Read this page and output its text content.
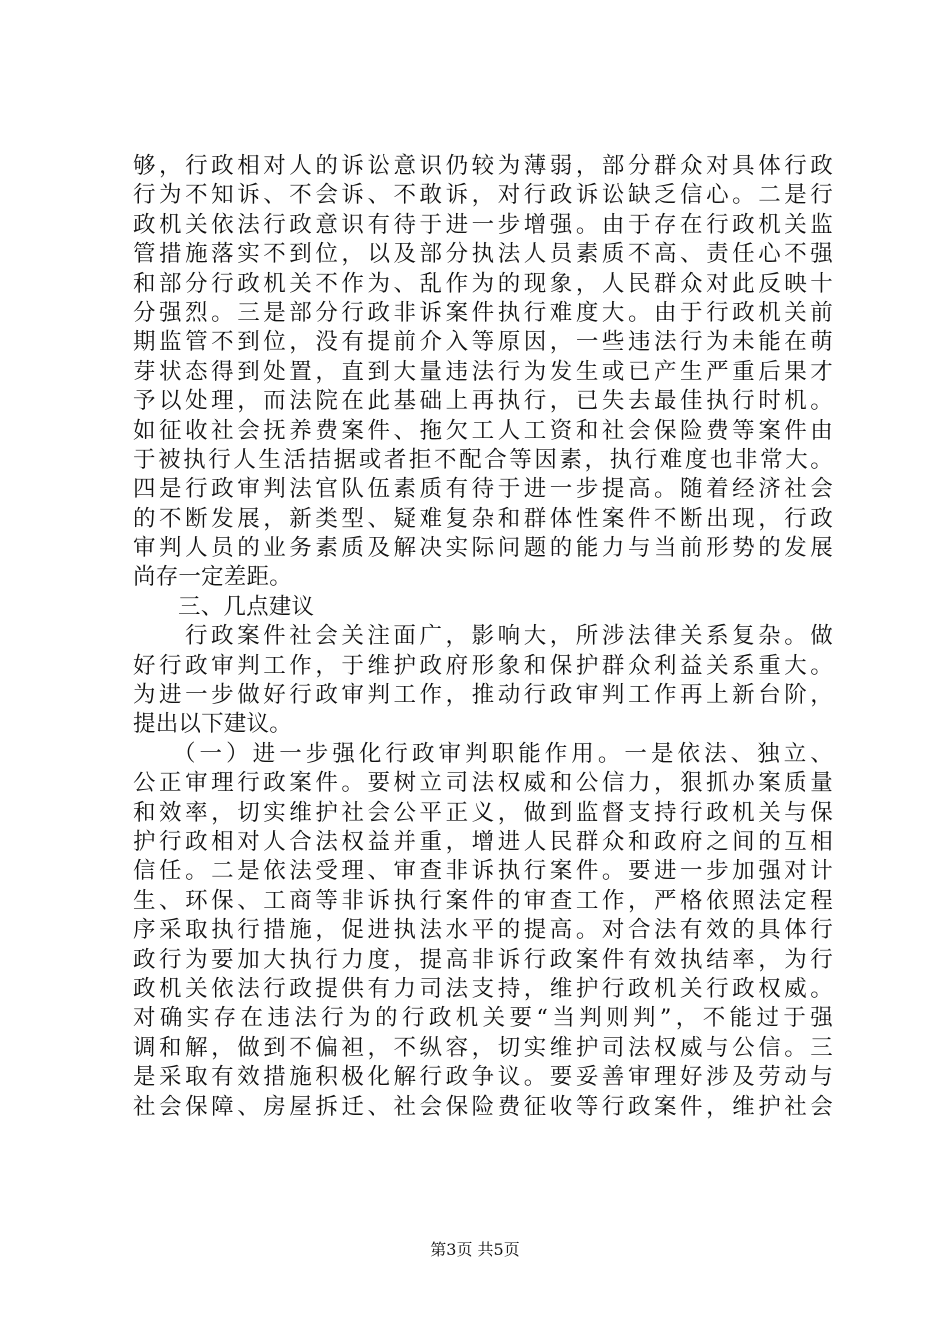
够，行政相对人的诉讼意识仍较为薄弱，部分群众对具体行政
行为不知诉、不会诉、不敢诉，对行政诉讼缺乏信心。二是行
政机关依法行政意识有待于进一步增强。由于存在行政机关监
管措施落实不到位，以及部分执法人员素质不高、责任心不强
和部分行政机关不作为、乱作为的现象，人民群众对此反映十
分强烈。三是部分行政非诉案件执行难度大。由于行政机关前
期监管不到位，没有提前介入等原因，一些违法行为未能在萌
芽状态得到处置，直到大量违法行为发生或已产生严重后果才
予以处理，而法院在此基础上再执行，已失去最佳执行时机。
如征收社会抚养费案件、拖欠工人工资和社会保险费等案件由
于被执行人生活拮据或者拒不配合等因素，执行难度也非常大。
四是行政审判法官队伍素质有待于进一步提高。随着经济社会
的不断发展，新类型、疑难复杂和群体性案件不断出现，行政
审判人员的业务素质及解决实际问题的能力与当前形势的发展
尚存一定差距。
三、几点建议
行政案件社会关注面广，影响大，所涉法律关系复杂。做
好行政审判工作，于维护政府形象和保护群众利益关系重大。
为进一步做好行政审判工作，推动行政审判工作再上新台阶，
提出以下建议。
（一）进一步强化行政审判职能作用。一是依法、独立、
公正审理行政案件。要树立司法权威和公信力，狠抓办案质量
和效率，切实维护社会公平正义，做到监督支持行政机关与保
护行政相对人合法权益并重，增进人民群众和政府之间的互相
信任。二是依法受理、审查非诉执行案件。要进一步加强对计
生、环保、工商等非诉执行案件的审查工作，严格依照法定程
序采取执行措施，促进执法水平的提高。对合法有效的具体行
政行为要加大执行力度，提高非诉行政案件有效执结率，为行
政机关依法行政提供有力司法支持，维护行政机关行政权威。
对确实存在违法行为的行政机关要“当判则判”，不能过于强
调和解，做到不偏袒，不纵容，切实维护司法权威与公信。三
是采取有效措施积极化解行政争议。要妥善审理好涉及劳动与
社会保障、房屋拆迁、社会保险费征收等行政案件，维护社会
第3页 共5页
